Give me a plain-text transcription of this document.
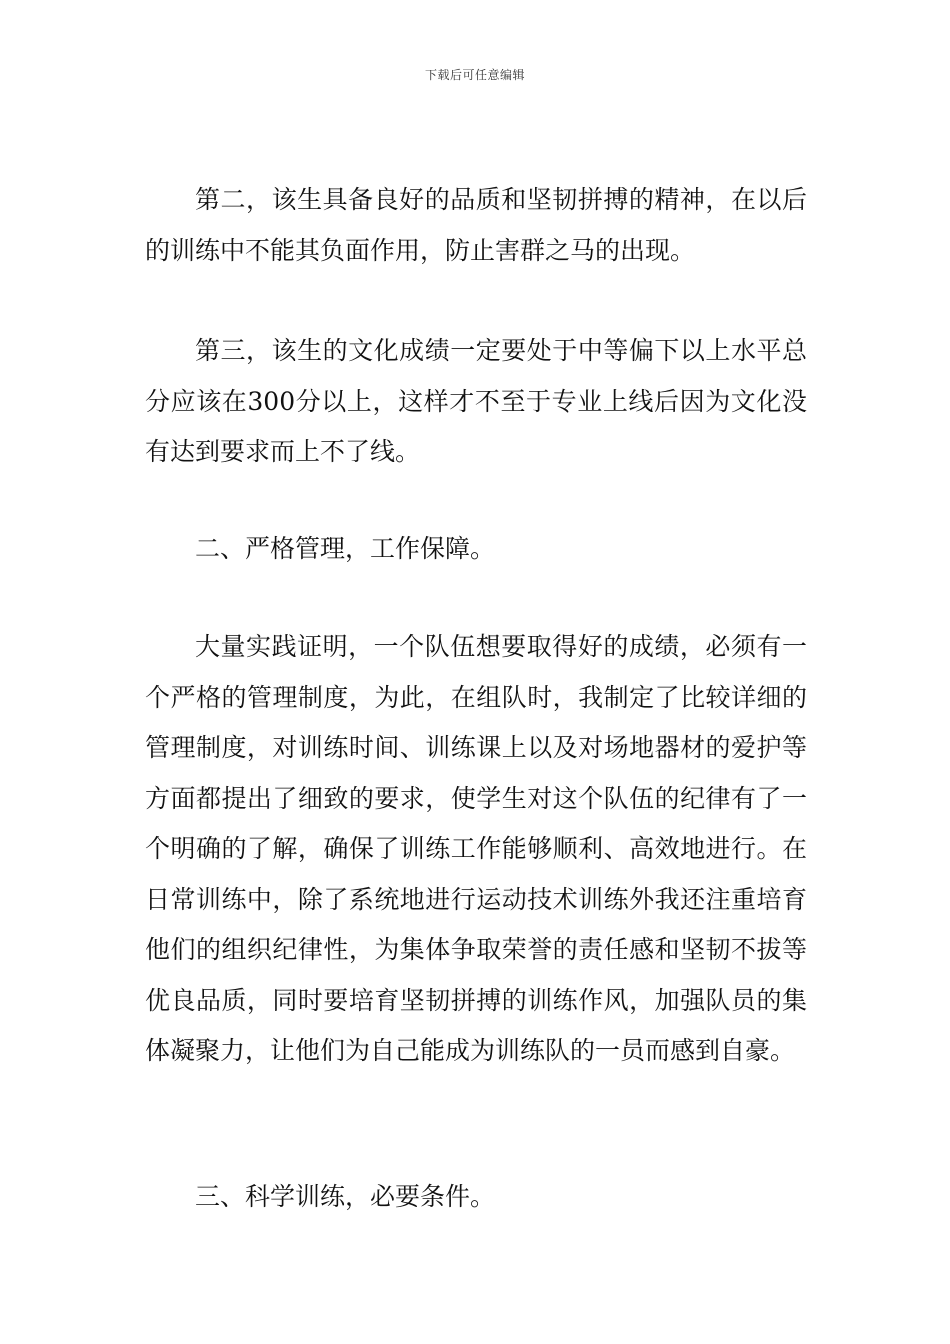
下载后可任意编辑

第二，该生具备良好的品质和坚韧拼搏的精神，在以后的训练中不能其负面作用，防止害群之马的出现。

第三，该生的文化成绩一定要处于中等偏下以上水平总分应该在300分以上，这样才不至于专业上线后因为文化没有达到要求而上不了线。

二、严格管理，工作保障。

大量实践证明，一个队伍想要取得好的成绩，必须有一个严格的管理制度，为此，在组队时，我制定了比较详细的管理制度，对训练时间、训练课上以及对场地器材的爱护等方面都提出了细致的要求，使学生对这个队伍的纪律有了一个明确的了解，确保了训练工作能够顺利、高效地进行。在日常训练中，除了系统地进行运动技术训练外我还注重培育他们的组织纪律性，为集体争取荣誉的责任感和坚韧不拔等优良品质，同时要培育坚韧拼搏的训练作风，加强队员的集体凝聚力，让他们为自己能成为训练队的一员而感到自豪。

三、科学训练，必要条件。
